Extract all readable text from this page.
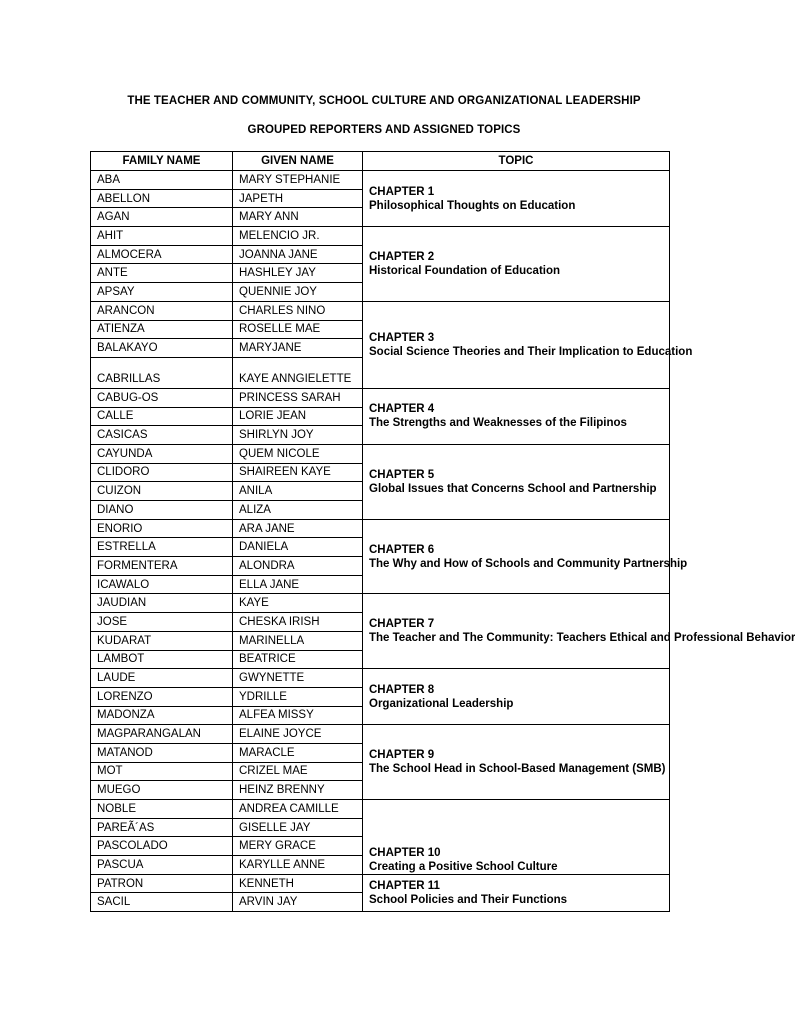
THE TEACHER AND COMMUNITY, SCHOOL CULTURE AND ORGANIZATIONAL LEADERSHIP
GROUPED REPORTERS AND ASSIGNED TOPICS
FAMILY NAME	GIVEN NAME	TOPIC
ABA	MARY STEPHANIE	CHAPTER 1
Philosophical Thoughts on Education

ABELLON	JAPETH	
AGAN	MARY ANN	
AHIT	MELENCIO JR.	CHAPTER 2
Historical Foundation of Education

ALMOCERA	JOANNA JANE	
ANTE	HASHLEY JAY	
APSAY	QUENNIE JOY	
ARANCON	CHARLES NINO	CHAPTER 3
Social Science Theories and Their Implication to Education

ATIENZA	ROSELLE MAE	
BALAKAYO	MARYJANE	
CABRILLAS	KAYE ANNGIELETTE	
CABUG-OS	PRINCESS SARAH	CHAPTER 4
The Strengths and Weaknesses of the Filipinos

CALLE	LORIE JEAN	
CASICAS	SHIRLYN JOY	
CAYUNDA	QUEM NICOLE	CHAPTER 5
Global Issues that Concerns School and Partnership

CLIDORO	SHAIREEN KAYE	
CUIZON	ANILA	
DIANO	ALIZA	
ENORIO	ARA JANE	CHAPTER 6
The Why and How of Schools and Community Partnership

ESTRELLA	DANIELA	
FORMENTERA	ALONDRA	
ICAWALO	ELLA JANE	
JAUDIAN	KAYE	CHAPTER 7
The Teacher and The Community: Teachers Ethical and Professional Behavior

JOSE	CHESKA IRISH	
KUDARAT	MARINELLA	
LAMBOT	BEATRICE	
LAUDE	GWYNETTE	CHAPTER 8
Organizational Leadership

LORENZO	YDRILLE	
MADONZA	ALFEA MISSY	
MAGPARANGALAN	ELAINE JOYCE	CHAPTER 9
The School Head in School-Based Management (SMB)

MATANOD	MARACLE	
MOT	CRIZEL MAE	
MUEGO	HEINZ BRENNY	
NOBLE	ANDREA CAMILLE	CHAPTER 10
Creating a Positive School Culture

PAREÃ´AS	GISELLE JAY	
PASCOLADO	MERY GRACE	
PASCUA	KARYLLE ANNE	
PATRON	KENNETH	CHAPTER 11
School Policies and Their Functions

SACIL	ARVIN JAY	
